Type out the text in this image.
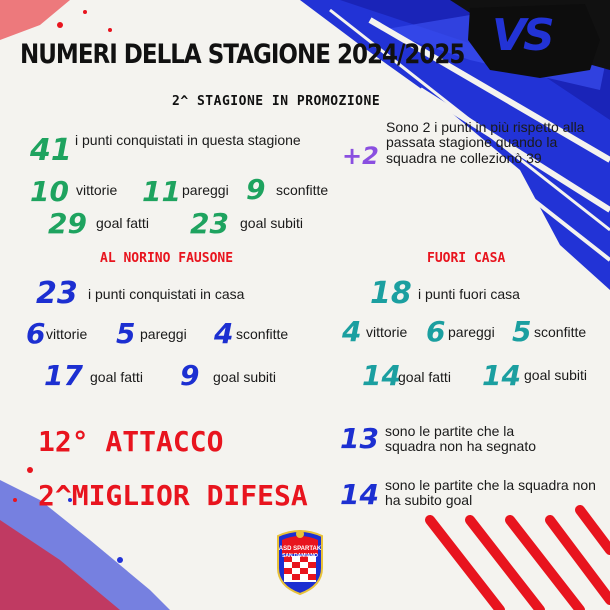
VS
NUMERI DELLA STAGIONE 2024/2025
2^ STAGIONE IN PROMOZIONE
41 i punti conquistati in questa stagione
+2
Sono 2 i punti in più rispetto alla passata stagione quando la squadra ne collezionò 39
10 vittorie 11 pareggi 9 sconfitte
29 goal fatti 23 goal subiti
AL NORINO FAUSONE
23 i punti conquistati in casa
6 vittorie 5 pareggi 4 sconfitte
17 goal fatti 9 goal subiti
FUORI CASA
18 i punti fuori casa
4 vittorie 6 pareggi 5 sconfitte
14
goal fatti 14 goal subiti
12° ATTACCO
2^MIGLIOR DIFESA
13 sono le partite che la squadra non ha segnato
14 sono le partite che la squadra non ha subito goal
ASD SPARTAK
SAN DAMIANO
